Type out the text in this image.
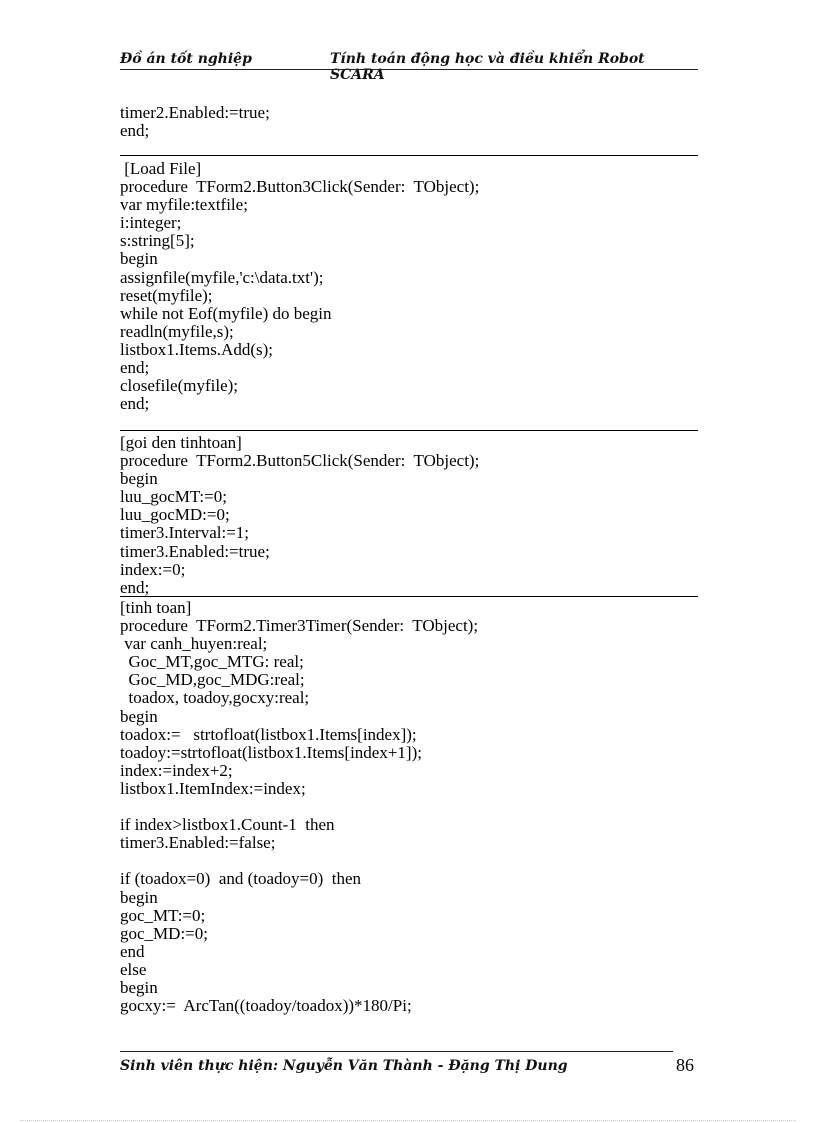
Đồ án tốt nghiệp	Tính toán động học và điều khiển Robot SCARA
timer2.Enabled:=true;
end;
[Load File]
procedure  TForm2.Button3Click(Sender:  TObject);
var myfile:textfile;
i:integer;
s:string[5];
begin
assignfile(myfile,'c:\data.txt');
reset(myfile);
while not Eof(myfile) do begin
readln(myfile,s);
listbox1.Items.Add(s);
end;
closefile(myfile);
end;
[goi den tinhtoan]
procedure  TForm2.Button5Click(Sender:  TObject);
begin
luu_gocMT:=0;
luu_gocMD:=0;
timer3.Interval:=1;
timer3.Enabled:=true;
index:=0;
end;
[tinh toan]
procedure  TForm2.Timer3Timer(Sender:  TObject);
var canh_huyen:real;
Goc_MT,goc_MTG: real;
Goc_MD,goc_MDG:real;
toadox, toadoy,gocxy:real;
begin
toadox:=   strtofloat(listbox1.Items[index]);
toadoy:=strtofloat(listbox1.Items[index+1]);
index:=index+2;
listbox1.ItemIndex:=index;
if index>listbox1.Count-1  then
timer3.Enabled:=false;
if (toadox=0)  and (toadoy=0)  then
begin
goc_MT:=0;
goc_MD:=0;
end
else
begin
gocxy:=  ArcTan((toadoy/toadox))*180/Pi;
Sinh viên thực hiện: Nguyễn Văn Thành - Đặng Thị Dung	86
